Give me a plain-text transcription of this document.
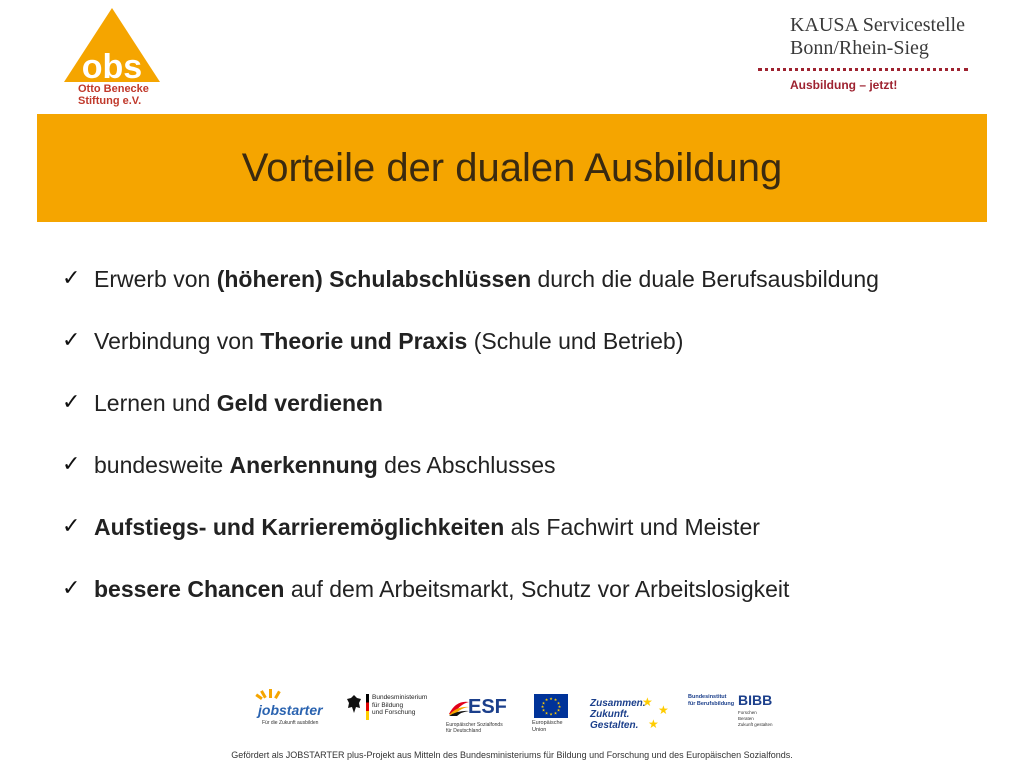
obs
Otto Benecke
Stiftung e.V.
KAUSA Servicestelle
Bonn/Rhein-Sieg
Ausbildung – jetzt!
Vorteile der dualen Ausbildung
✓ Erwerb von (höheren) Schulabschlüssen durch die duale Berufsausbildung
✓ Verbindung von Theorie und Praxis (Schule und Betrieb)
✓ Lernen und Geld verdienen
✓ bundesweite Anerkennung des Abschlusses
✓ Aufstiegs- und Karrieremöglichkeiten als Fachwirt und Meister
✓ bessere Chancen auf dem Arbeitsmarkt, Schutz vor Arbeitslosigkeit
jobstarter
Für die Zukunft ausbilden
Bundesministerium
für Bildung
und Forschung	ESF
Europäischer Sozialfonds
für Deutschland
★ ★
★
★
★
★
★
★
★
★
★
★
Europäische
Union
Zusammen.
Zukunft.
Gestalten.
★
★
★
Bundesinstitut
für Berufsbildung BIBB
Forschen
Beraten
Zukunft gestalten
Gefördert als JOBSTARTER plus-Projekt aus Mitteln des Bundesministeriums für Bildung und Forschung und des Europäischen Sozialfonds.
